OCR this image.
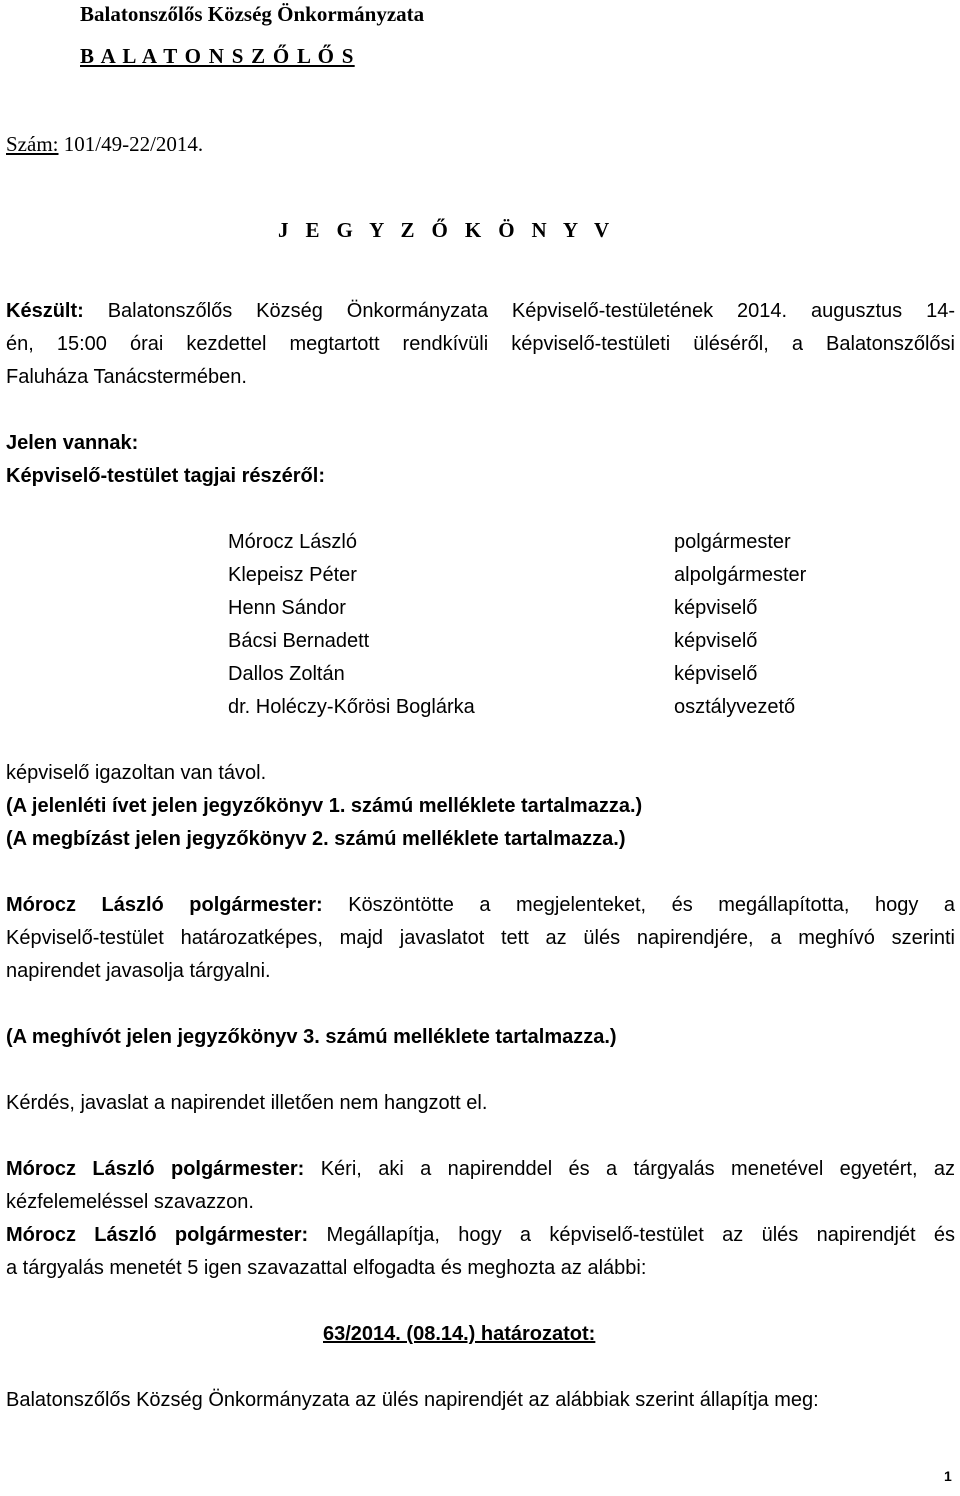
Balatonszőlős Község Önkormányzata
B A L A T O N S Z Ő L Ő S
Szám: 101/49-22/2014.
J E G Y Z Ő K Ö N Y V
Készült:	Balatonszőlős Község Önkormányzata Képviselő-testületének 2014. augusztus 14-
én, 15:00 órai kezdettel megtartott rendkívüli képviselő-testületi üléséről, a Balatonszőlősi
Faluháza Tanácstermében.
Jelen vannak:
Képviselő-testület tagjai részéről:
Mórocz László	polgármester
Klepeisz Péter	alpolgármester
Henn Sándor	képviselő
Bácsi Bernadett	képviselő
Dallos Zoltán	képviselő
dr. Holéczy-Kőrösi Boglárka	osztályvezető
képviselő igazoltan van távol.
(A jelenléti ívet jelen jegyzőkönyv 1. számú melléklete tartalmazza.)
(A megbízást jelen jegyzőkönyv 2. számú melléklete tartalmazza.)
Mórocz László polgármester: Köszöntötte a megjelenteket, és megállapította, hogy a
Képviselő-testület határozatképes, majd javaslatot tett az ülés napirendjére, a meghívó szerinti
napirendet javasolja tárgyalni.
(A meghívót jelen jegyzőkönyv 3. számú melléklete tartalmazza.)
Kérdés, javaslat a napirendet illetően nem hangzott el.
Mórocz László polgármester: Kéri, aki a napirenddel és a tárgyalás menetével egyetért, az
kézfelemeléssel szavazzon.
Mórocz László polgármester: Megállapítja, hogy a képviselő-testület az ülés napirendjét és
a tárgyalás menetét 5 igen szavazattal elfogadta és meghozta az alábbi:
63/2014. (08.14.) határozatot:
Balatonszőlős Község Önkormányzata az ülés napirendjét az alábbiak szerint állapítja meg:
1
